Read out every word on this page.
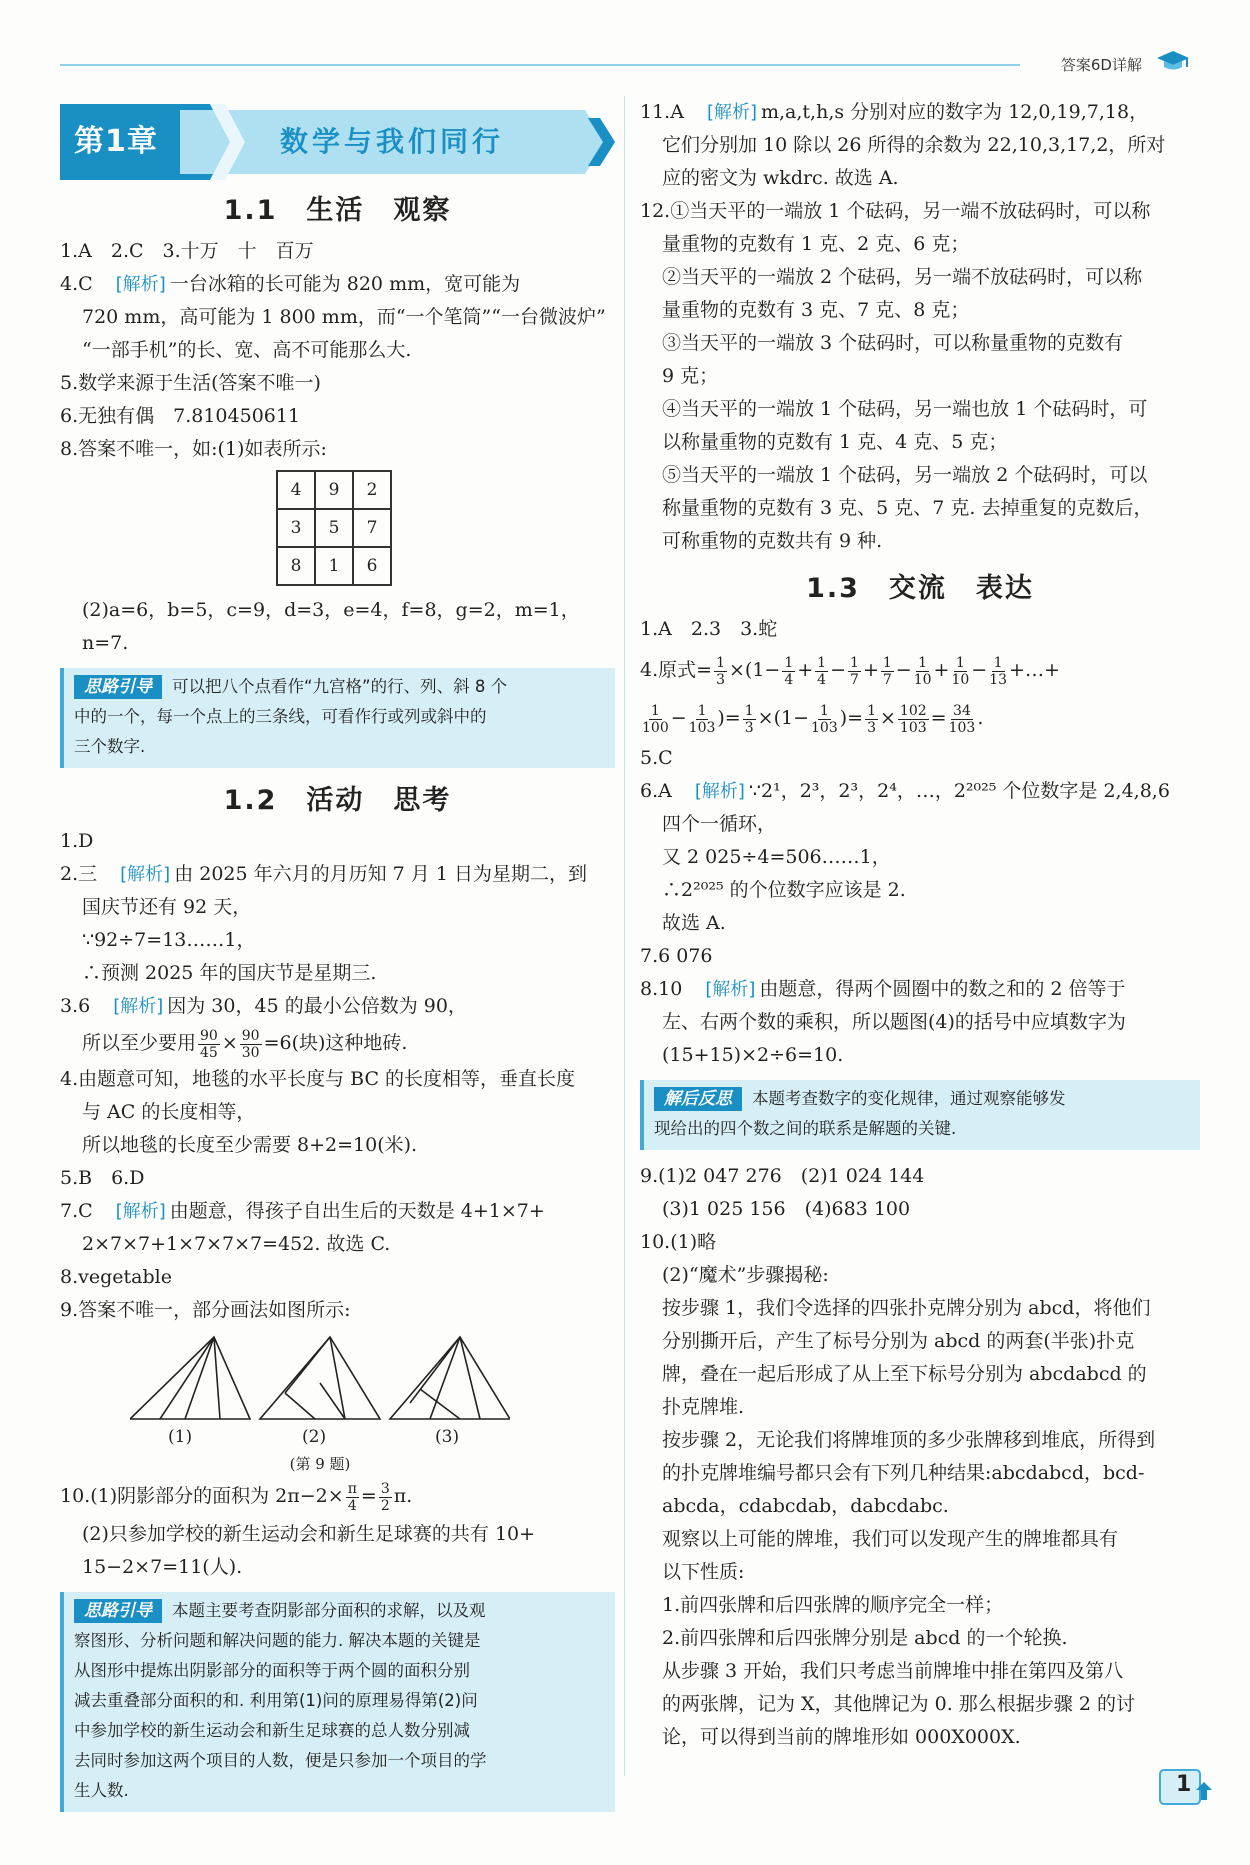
答案6D详解
第1章	数学与我们同行
1.1　生活　观察
1.A　2.C　3.十万　十　百万
4.C　[解析] 一台冰箱的长可能为 820 mm，宽可能为
720 mm，高可能为 1 800 mm，而“一个笔筒”“一台微波炉”
“一部手机”的长、宽、高不可能那么大.
5.数学来源于生活(答案不唯一)
6.无独有偶　7.810450611
8.答案不唯一，如:(1)如表所示:
4	9	2
3	5	7
8	1	6
(2)a=6，b=5，c=9，d=3，e=4，f=8，g=2，m=1，
n=7.
思路引导 可以把八个点看作“九宫格”的行、列、斜 8 个
中的一个，每一个点上的三条线，可看作行或列或斜中的
三个数字.
1.2　活动　思考
1.D
2.三　[解析] 由 2025 年六月的月历知 7 月 1 日为星期二，到
国庆节还有 92 天，
∵92÷7=13……1，
∴预测 2025 年的国庆节是星期三.
3.6　[解析] 因为 30，45 的最小公倍数为 90，
所以至少要用 $\frac{90}{45} \times \frac{90}{30} =6$(块)这种地砖.
4.由题意可知，地毯的水平长度与 BC 的长度相等，垂直长度
与 AC 的长度相等，
所以地毯的长度至少需要 8+2=10(米).
5.B　6.D
7.C　[解析] 由题意，得孩子自出生后的天数是 4+1×7+
2×7×7+1×7×7×7=452. 故选 C.
8.vegetable
9.答案不唯一，部分画法如图所示:
(1)	(2)	(3)
(第 9 题)
10.(1)阴影部分的面积为 $2\pi-2\times \frac{\pi}{4} = \frac{3}{2} \pi$.
(2)只参加学校的新生运动会和新生足球赛的共有 10+
15−2×7=11(人).
思路引导 本题主要考查阴影部分面积的求解，以及观
察图形、分析问题和解决问题的能力. 解决本题的关键是
从图形中提炼出阴影部分的面积等于两个圆的面积分别
减去重叠部分面积的和. 利用第(1)问的原理易得第(2)问
中参加学校的新生运动会和新生足球赛的总人数分别减
去同时参加这两个项目的人数，便是只参加一个项目的学
生人数.
11.A　[解析] m,a,t,h,s 分别对应的数字为 12,0,19,7,18，
它们分别加 10 除以 26 所得的余数为 22,10,3,17,2，所对
应的密文为 wkdrc. 故选 A.
12.①当天平的一端放 1 个砝码，另一端不放砝码时，可以称
量重物的克数有 1 克、2 克、6 克；
②当天平的一端放 2 个砝码，另一端不放砝码时，可以称
量重物的克数有 3 克、7 克、8 克；
③当天平的一端放 3 个砝码时，可以称量重物的克数有
9 克；
④当天平的一端放 1 个砝码，另一端也放 1 个砝码时，可
以称量重物的克数有 1 克、4 克、5 克；
⑤当天平的一端放 1 个砝码，另一端放 2 个砝码时，可以
称量重物的克数有 3 克、5 克、7 克. 去掉重复的克数后，
可称重物的克数共有 9 种.
1.3　交流　表达
1.A　2.3　3.蛇
4.原式= $\frac{1}{3} \times(1- \frac{1}{4} + \frac{1}{4} - \frac{1}{7} + \frac{1}{7} - \frac{1}{10} + \frac{1}{10} - \frac{1}{13}$ +…+
$\frac{1}{100} - \frac{1}{103}$ )= $\frac{1}{3} \times(1- \frac{1}{103}$ )= $\frac{1}{3} \times \frac{102}{103} = \frac{34}{103}$ .
5.C
6.A　[解析] ∵2¹，2³，2³，2⁴，…，2²⁰²⁵ 个位数字是 2,4,8,6
四个一循环，
又 2 025÷4=506……1，
∴2²⁰²⁵ 的个位数字应该是 2.
故选 A.
7.6 076
8.10　[解析] 由题意，得两个圆圈中的数之和的 2 倍等于
左、右两个数的乘积，所以题图(4)的括号中应填数字为
(15+15)×2÷6=10.
解后反思 本题考查数字的变化规律，通过观察能够发
现给出的四个数之间的联系是解题的关键.
9.(1)2 047 276　(2)1 024 144
(3)1 025 156　(4)683 100
10.(1)略
(2)“魔术”步骤揭秘:
按步骤 1，我们令选择的四张扑克牌分别为 abcd，将他们
分别撕开后，产生了标号分别为 abcd 的两套(半张)扑克
牌，叠在一起后形成了从上至下标号分别为 abcdabcd 的
扑克牌堆.
按步骤 2，无论我们将牌堆顶的多少张牌移到堆底，所得到
的扑克牌堆编号都只会有下列几种结果:abcdabcd，bcd-
abcda，cdabcdab，dabcdabc.
观察以上可能的牌堆，我们可以发现产生的牌堆都具有
以下性质:
1.前四张牌和后四张牌的顺序完全一样；
2.前四张牌和后四张牌分别是 abcd 的一个轮换.
从步骤 3 开始，我们只考虑当前牌堆中排在第四及第八
的两张牌，记为 X，其他牌记为 0. 那么根据步骤 2 的讨
论，可以得到当前的牌堆形如 000X000X.
1
